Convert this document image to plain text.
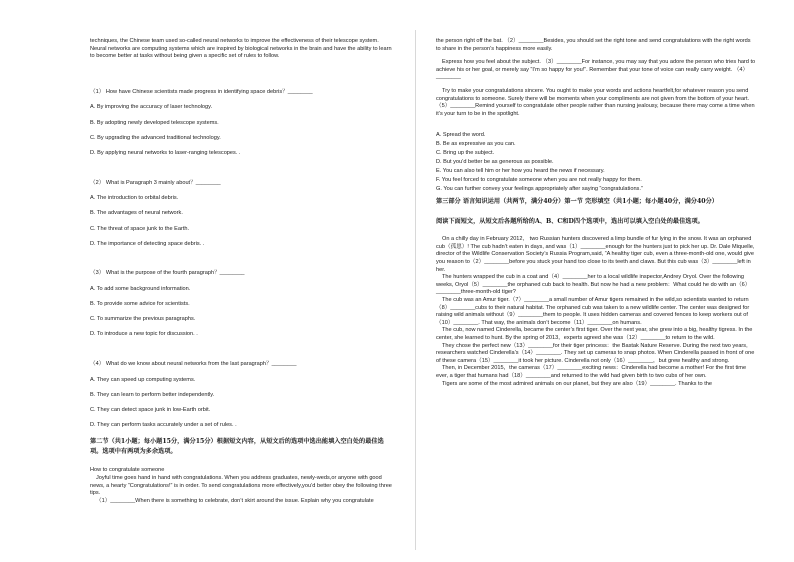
techniques, the Chinese team used so-called neural networks to improve the effectiveness of their telescope system. Neural networks are computing systems which are inspired by biological networks in the brain and have the ability to learn to become better at tasks without being given a specific set of rules to follow.

（1） How have Chinese scientists made progress in identifying space debris？________

A. By improving the accuracy of laser technology.

B. By adopting newly developed telescope systems.

C. By upgrading the advanced traditional technology.

D. By applying neural networks to laser-ranging telescopes. .

（2） What is Paragraph 3 mainly about？________

A. The introduction to orbital debris.

B. The advantages of neural network.

C. The threat of space junk to the Earth.

D. The importance of detecting space debris. .

（3） What is the purpose of the fourth paragraph？________

A. To add some background information.

B. To provide some advice for scientists.

C. To summarize the previous paragraphs.

D. To introduce a new topic for discussion. .

（4） What do we know about neural networks from the last paragraph？________

A. They can speed up computing systems.

B. They can learn to perform better independently.

C. They can detect space junk in low-Earth orbit.

D. They can perform tasks accurately under a set of rules. .

第二节（共1小题；每小题15分，满分15分）根据短文内容，从短文后的选项中选出能填入空白处的最佳选项。选项中有两项为多余选项。

How to congratulate someone

Joyful time goes hand in hand with congratulations. When you address graduates, newly-weds,or anyone with good news, a hearty “Congratulations!” is in order. To send congratulations more effectively,you’d better obey the following three tips.

（1）________When there is something to celebrate, don’t skirt around the issue. Explain why you congratulate

the person right off the bat. （2）________Besides, you should set the right tone and send congratulations with the right words to share in the person’s happiness more easily.

Express how you feel about the subject. （3）________For instance, you may say that you adore the person who tries hard to achieve his or her goal, or merely say “I’m so happy for you!”. Remember that your tone of voice can really carry weight. （4）________

Try to make your congratulations sincere. You ought to make your words and actions heartfelt,for whatever reason you send congratulations to someone. Surely there will be moments when your compliments are not given from the bottom of your heart. （5）________Remind yourself to congratulate other people rather than nursing jealousy, because there may come a time when it’s your turn to be in the spotlight.

A. Spread the word.

B. Be as expressive as you can.

C. Bring up the subject.

D. But you’d better be as generous as possible.

E. You can also tell him or her how you heard the news if necessary.

F. You feel forced to congratulate someone when you are not really happy for them.

G. You can further convey your feelings appropriately after saying “congratulations.”

第三部分 语言知识运用（共两节，满分40分）第一节 完形填空（共1小题；每小题40分，满分40分）

阅读下面短文，从短文后各题所给的A、B、C和D四个选项中，选出可以填入空白处的最佳选项。

On a chilly day in February 2012， two Russian hunters discovered a limp bundle of fur lying in the snow. It was an orphaned cub（孤崽）! The cub hadn’t eaten in days, and was（1）________enough for the hunters just to pick her up. Dr. Dale Miquelle, director of the Wildlife Conservation Society’s Russia Program,said, “A healthy tiger cub, even a three-month-old one, would give you reason to（2）________before you stuck your hand too close to its teeth and claws. But this cub was（3）________left in her.

The hunters wrapped the cub in a coat and（4）________her to a local wildlife inspector,Andrey Oryol. Over the following weeks, Oryol（5）________the orphaned cub back to health. But now he had a new problem：What could he do with an（6）________three-month-old tiger?

The cub was an Amur tiger.（7）________a small number of Amur tigers remained in the wild,so scientists wanted to return（8）________cubs to their natural habitat. The orphaned cub was taken to a new wildlife center. The center was designed for raising wild animals without（9）________them to people. It uses hidden cameras and covered fences to keep workers out of（10）________. That way, the animals don’t become（11）________on humans.

The cub, now named Cinderella, became the center’s first tiger. Over the next year, she grew into a big, healthy tigress. In the center, she learned to hunt. By the spring of 2013，experts agreed she was（12）________to return to the wild.

They chose the perfect new（13）________for their tiger princess：the Bastak Nature Reserve. During the next two years, researchers watched Cinderella’s（14）________. They set up cameras to snap photos. When Cinderella passed in front of one of these camera（15）________it took her picture. Cinderella not only（16）________，but grew healthy and strong.

Then, in December 2015，the cameras（17）________exciting news：Cinderella had become a mother! For the first time ever, a tiger that humans had（18）________and returned to the wild had given birth to two cubs of her own.

Tigers are some of the most admired animals on our planet, but they are also（19）________. Thanks to the
